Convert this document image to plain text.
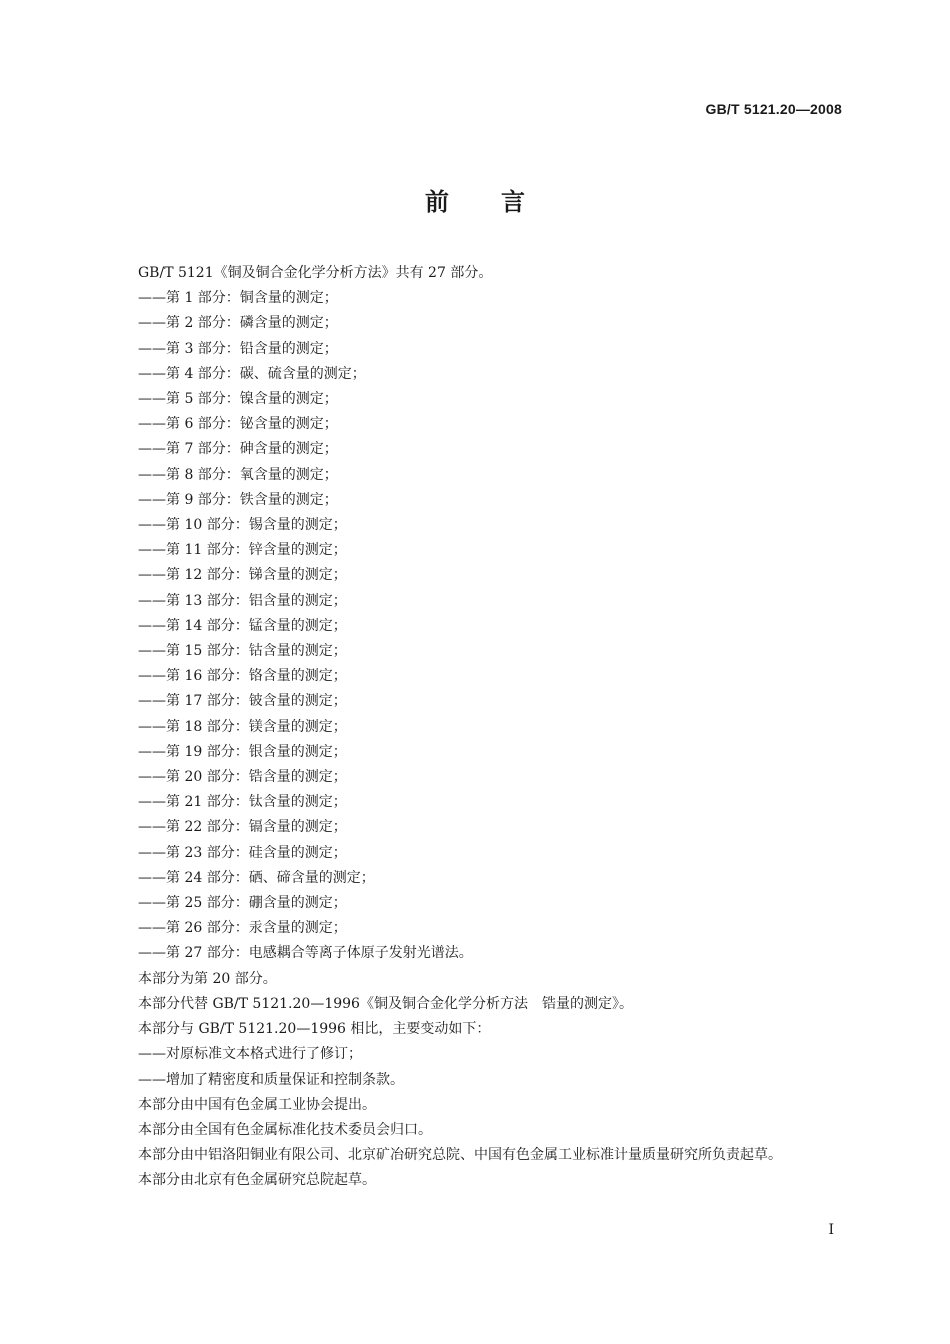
GB/T 5121.20—2008
前 言
GB/T 5121《铜及铜合金化学分析方法》共有 27 部分。
——第 1 部分：铜含量的测定；
——第 2 部分：磷含量的测定；
——第 3 部分：铅含量的测定；
——第 4 部分：碳、硫含量的测定；
——第 5 部分：镍含量的测定；
——第 6 部分：铋含量的测定；
——第 7 部分：砷含量的测定；
——第 8 部分：氧含量的测定；
——第 9 部分：铁含量的测定；
——第 10 部分：锡含量的测定；
——第 11 部分：锌含量的测定；
——第 12 部分：锑含量的测定；
——第 13 部分：铝含量的测定；
——第 14 部分：锰含量的测定；
——第 15 部分：钴含量的测定；
——第 16 部分：铬含量的测定；
——第 17 部分：铍含量的测定；
——第 18 部分：镁含量的测定；
——第 19 部分：银含量的测定；
——第 20 部分：锆含量的测定；
——第 21 部分：钛含量的测定；
——第 22 部分：镉含量的测定；
——第 23 部分：硅含量的测定；
——第 24 部分：硒、碲含量的测定；
——第 25 部分：硼含量的测定；
——第 26 部分：汞含量的测定；
——第 27 部分：电感耦合等离子体原子发射光谱法。
本部分为第 20 部分。
本部分代替 GB/T 5121.20—1996《铜及铜合金化学分析方法　锆量的测定》。
本部分与 GB/T 5121.20—1996 相比，主要变动如下：
——对原标准文本格式进行了修订；
——增加了精密度和质量保证和控制条款。
本部分由中国有色金属工业协会提出。
本部分由全国有色金属标准化技术委员会归口。
本部分由中铝洛阳铜业有限公司、北京矿冶研究总院、中国有色金属工业标准计量质量研究所负责起草。
本部分由北京有色金属研究总院起草。
I
